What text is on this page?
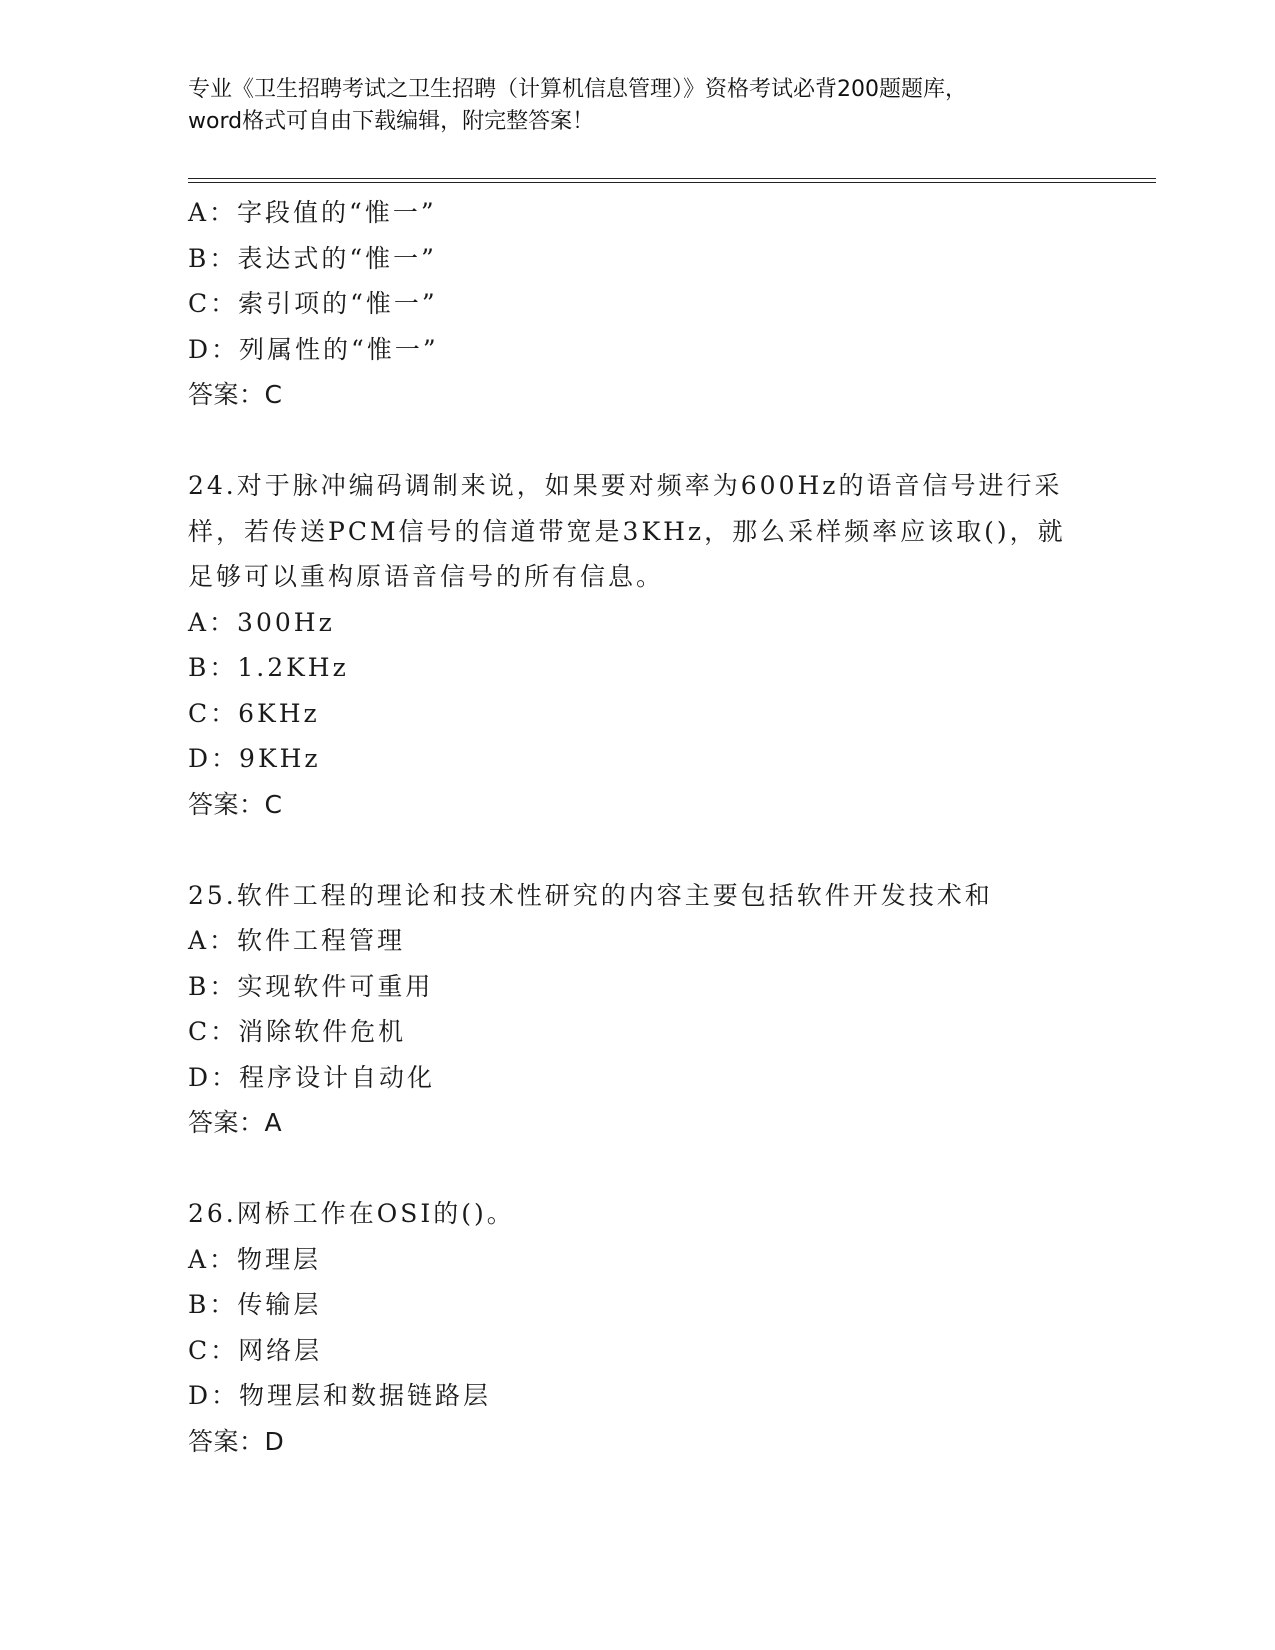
专业《卫生招聘考试之卫生招聘（计算机信息管理）》资格考试必背200题题库，
word格式可自由下载编辑，附完整答案！
A：字段值的“惟一”
B：表达式的“惟一”
C：索引项的“惟一”
D：列属性的“惟一”
答案：C
24.对于脉冲编码调制来说，如果要对频率为600Hz的语音信号进行采
样，若传送PCM信号的信道带宽是3KHz，那么采样频率应该取()，就
足够可以重构原语音信号的所有信息。
A：300Hz
B：1.2KHz
C：6KHz
D：9KHz
答案：C
25.软件工程的理论和技术性研究的内容主要包括软件开发技术和
A：软件工程管理
B：实现软件可重用
C：消除软件危机
D：程序设计自动化
答案：A
26.网桥工作在OSI的()。
A：物理层
B：传输层
C：网络层
D：物理层和数据链路层
答案：D
